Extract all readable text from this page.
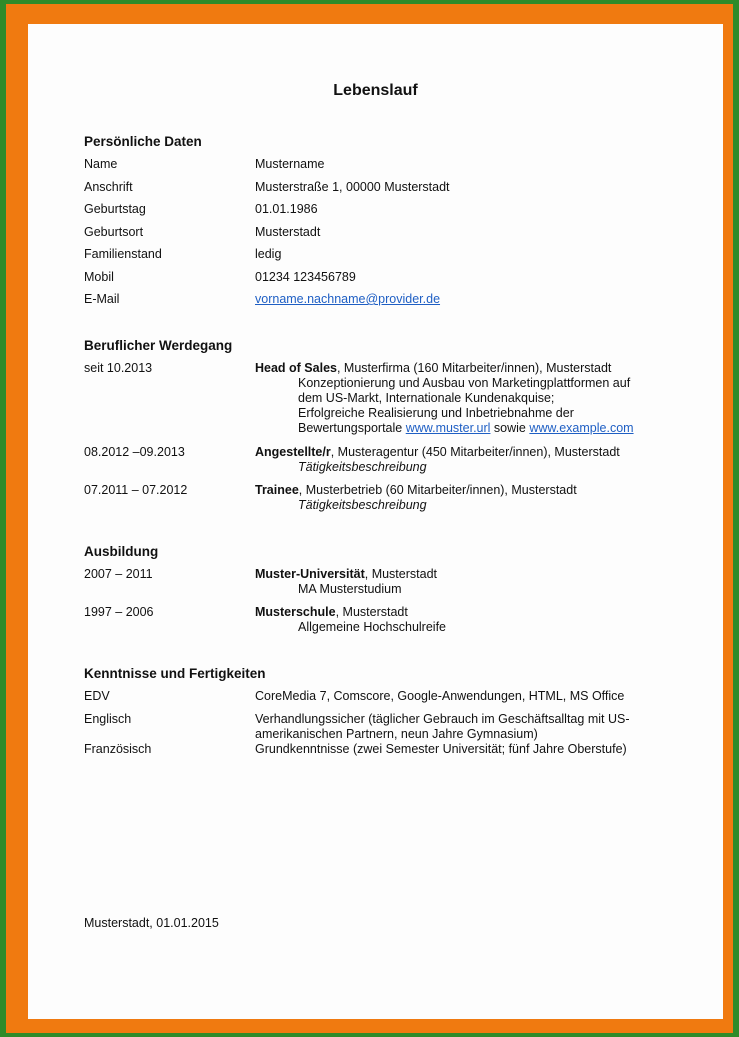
Lebenslauf
Persönliche Daten
Name	Mustername
Anschrift	Musterstraße 1, 00000 Musterstadt
Geburtstag	01.01.1986
Geburtsort	Musterstadt
Familienstand	ledig
Mobil	01234 123456789
E-Mail	vorname.nachname@provider.de
Beruflicher Werdegang
seit 10.2013	Head of Sales, Musterfirma (160 Mitarbeiter/innen), Musterstadt
Konzeptionierung und Ausbau von Marketingplattformen auf
dem US-Markt, Internationale Kundenakquise;
Erfolgreiche Realisierung und Inbetriebnahme der
Bewertungsportale www.muster.url sowie www.example.com
08.2012 –09.2013	Angestellte/r, Musteragentur (450 Mitarbeiter/innen), Musterstadt
Tätigkeitsbeschreibung
07.2011 – 07.2012	Trainee, Musterbetrieb (60 Mitarbeiter/innen), Musterstadt
Tätigkeitsbeschreibung
Ausbildung
2007 – 2011	Muster-Universität, Musterstadt
MA Musterstudium
1997 – 2006	Musterschule, Musterstadt
Allgemeine Hochschulreife
Kenntnisse und Fertigkeiten
EDV	CoreMedia 7, Comscore, Google-Anwendungen, HTML, MS Office
Englisch	Verhandlungssicher (täglicher Gebrauch im Geschäftsalltag mit US-
amerikanischen Partnern, neun Jahre Gymnasium)
Französisch	Grundkenntnisse (zwei Semester Universität; fünf Jahre Oberstufe)
Musterstadt, 01.01.2015
